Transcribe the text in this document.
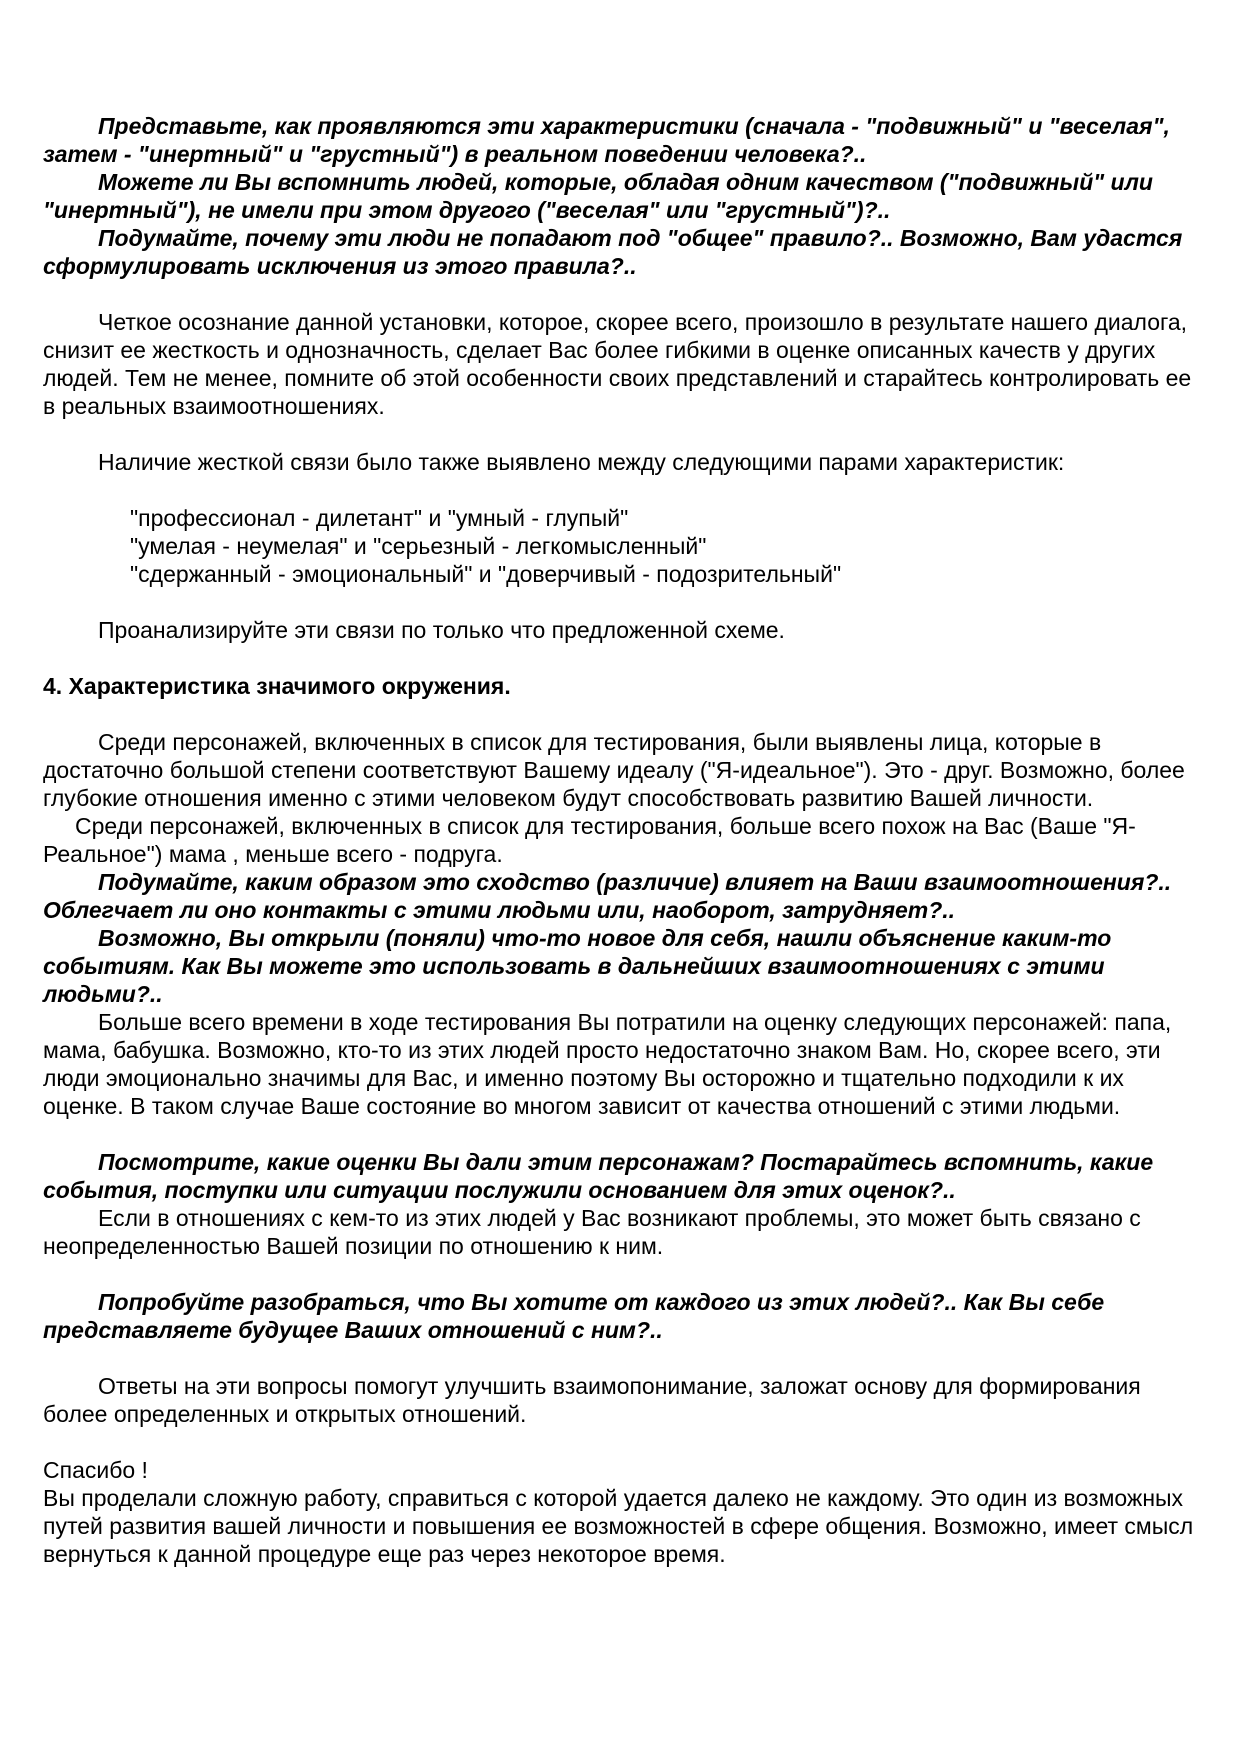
Представьте, как проявляются эти характеристики (сначала - "подвижный" и "веселая", затем - "инертный" и "грустный") в реальном поведении человека?..

Можете ли Вы вспомнить людей, которые, обладая одним качеством ("подвижный" или "инертный"), не имели при этом другого ("веселая" или "грустный")?..

Подумайте, почему эти люди не попадают под "общее" правило?.. Возможно, Вам удастся сформулировать исключения из этого правила?..

Четкое осознание данной установки, которое, скорее всего, произошло в результате нашего диалога, снизит ее жесткость и однозначность, сделает Вас более гибкими в оценке описанных качеств у других людей. Тем не менее, помните об этой особенности своих представлений и старайтесь контролировать ее в реальных взаимоотношениях.

Наличие жесткой связи было также выявлено между следующими парами характеристик:

"профессионал - дилетант" и "умный - глупый"

"умелая - неумелая" и "серьезный - легкомысленный"

"сдержанный - эмоциональный" и "доверчивый - подозрительный"

Проанализируйте эти связи по только что предложенной схеме.

4. Характеристика значимого окружения.

Среди персонажей, включенных в список для тестирования, были выявлены лица, которые в достаточно большой степени соответствуют Вашему идеалу ("Я-идеальное"). Это - друг. Возможно, более глубокие отношения именно с этими человеком будут способствовать развитию Вашей личности.

Среди персонажей, включенных в список для тестирования, больше всего похож на Вас (Ваше "Я-Реальное") мама , меньше всего - подруга.

Подумайте, каким образом это сходство (различие) влияет на Ваши взаимоотношения?.. Облегчает ли оно контакты с этими людьми или, наоборот, затрудняет?..

Возможно, Вы открыли (поняли) что-то новое для себя, нашли объяснение каким-то событиям. Как Вы можете это использовать в дальнейших взаимоотношениях с этими людьми?..

Больше всего времени в ходе тестирования Вы потратили на оценку следующих персонажей: папа, мама, бабушка. Возможно, кто-то из этих людей просто недостаточно знаком Вам. Но, скорее всего, эти люди эмоционально значимы для Вас, и именно поэтому Вы осторожно и тщательно подходили к их оценке. В таком случае Ваше состояние во многом зависит от качества отношений с этими людьми.

Посмотрите, какие оценки Вы дали этим персонажам? Постарайтесь вспомнить, какие события, поступки или ситуации послужили основанием для этих оценок?..

Если в отношениях с кем-то из этих людей у Вас возникают проблемы, это может быть связано с неопределенностью Вашей позиции по отношению к ним.

Попробуйте разобраться, что Вы хотите от каждого из этих людей?.. Как Вы себе представляете будущее Ваших отношений с ним?..

Ответы на эти вопросы помогут улучшить взаимопонимание, заложат основу для формирования более определенных и открытых отношений.

Спасибо !

Вы проделали сложную работу, справиться с которой удается далеко не каждому. Это один из возможных путей развития вашей личности и повышения ее возможностей в сфере общения. Возможно, имеет смысл вернуться к данной процедуре еще раз через некоторое время.
